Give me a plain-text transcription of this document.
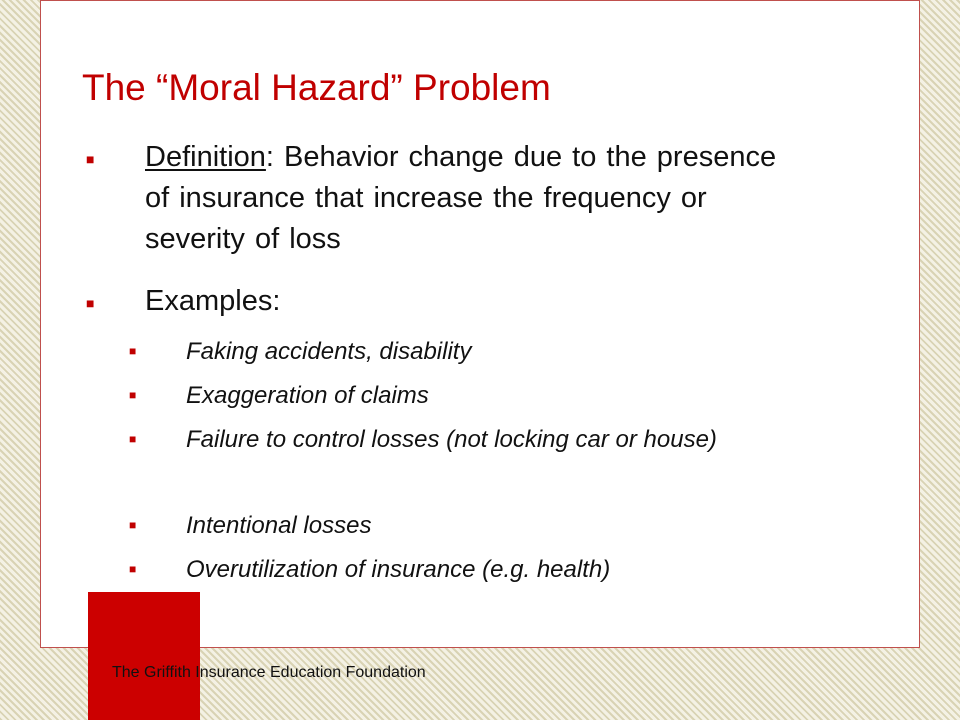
The “Moral Hazard” Problem
■ Definition: Behavior change due to the presence of insurance that increase the frequency or severity of loss
■ Examples:
■ Faking accidents, disability
■ Exaggeration of claims
■ Failure to control losses (not locking car or house)
■ Intentional losses
■ Overutilization of insurance (e.g. health)
The Griffith Insurance Education Foundation
